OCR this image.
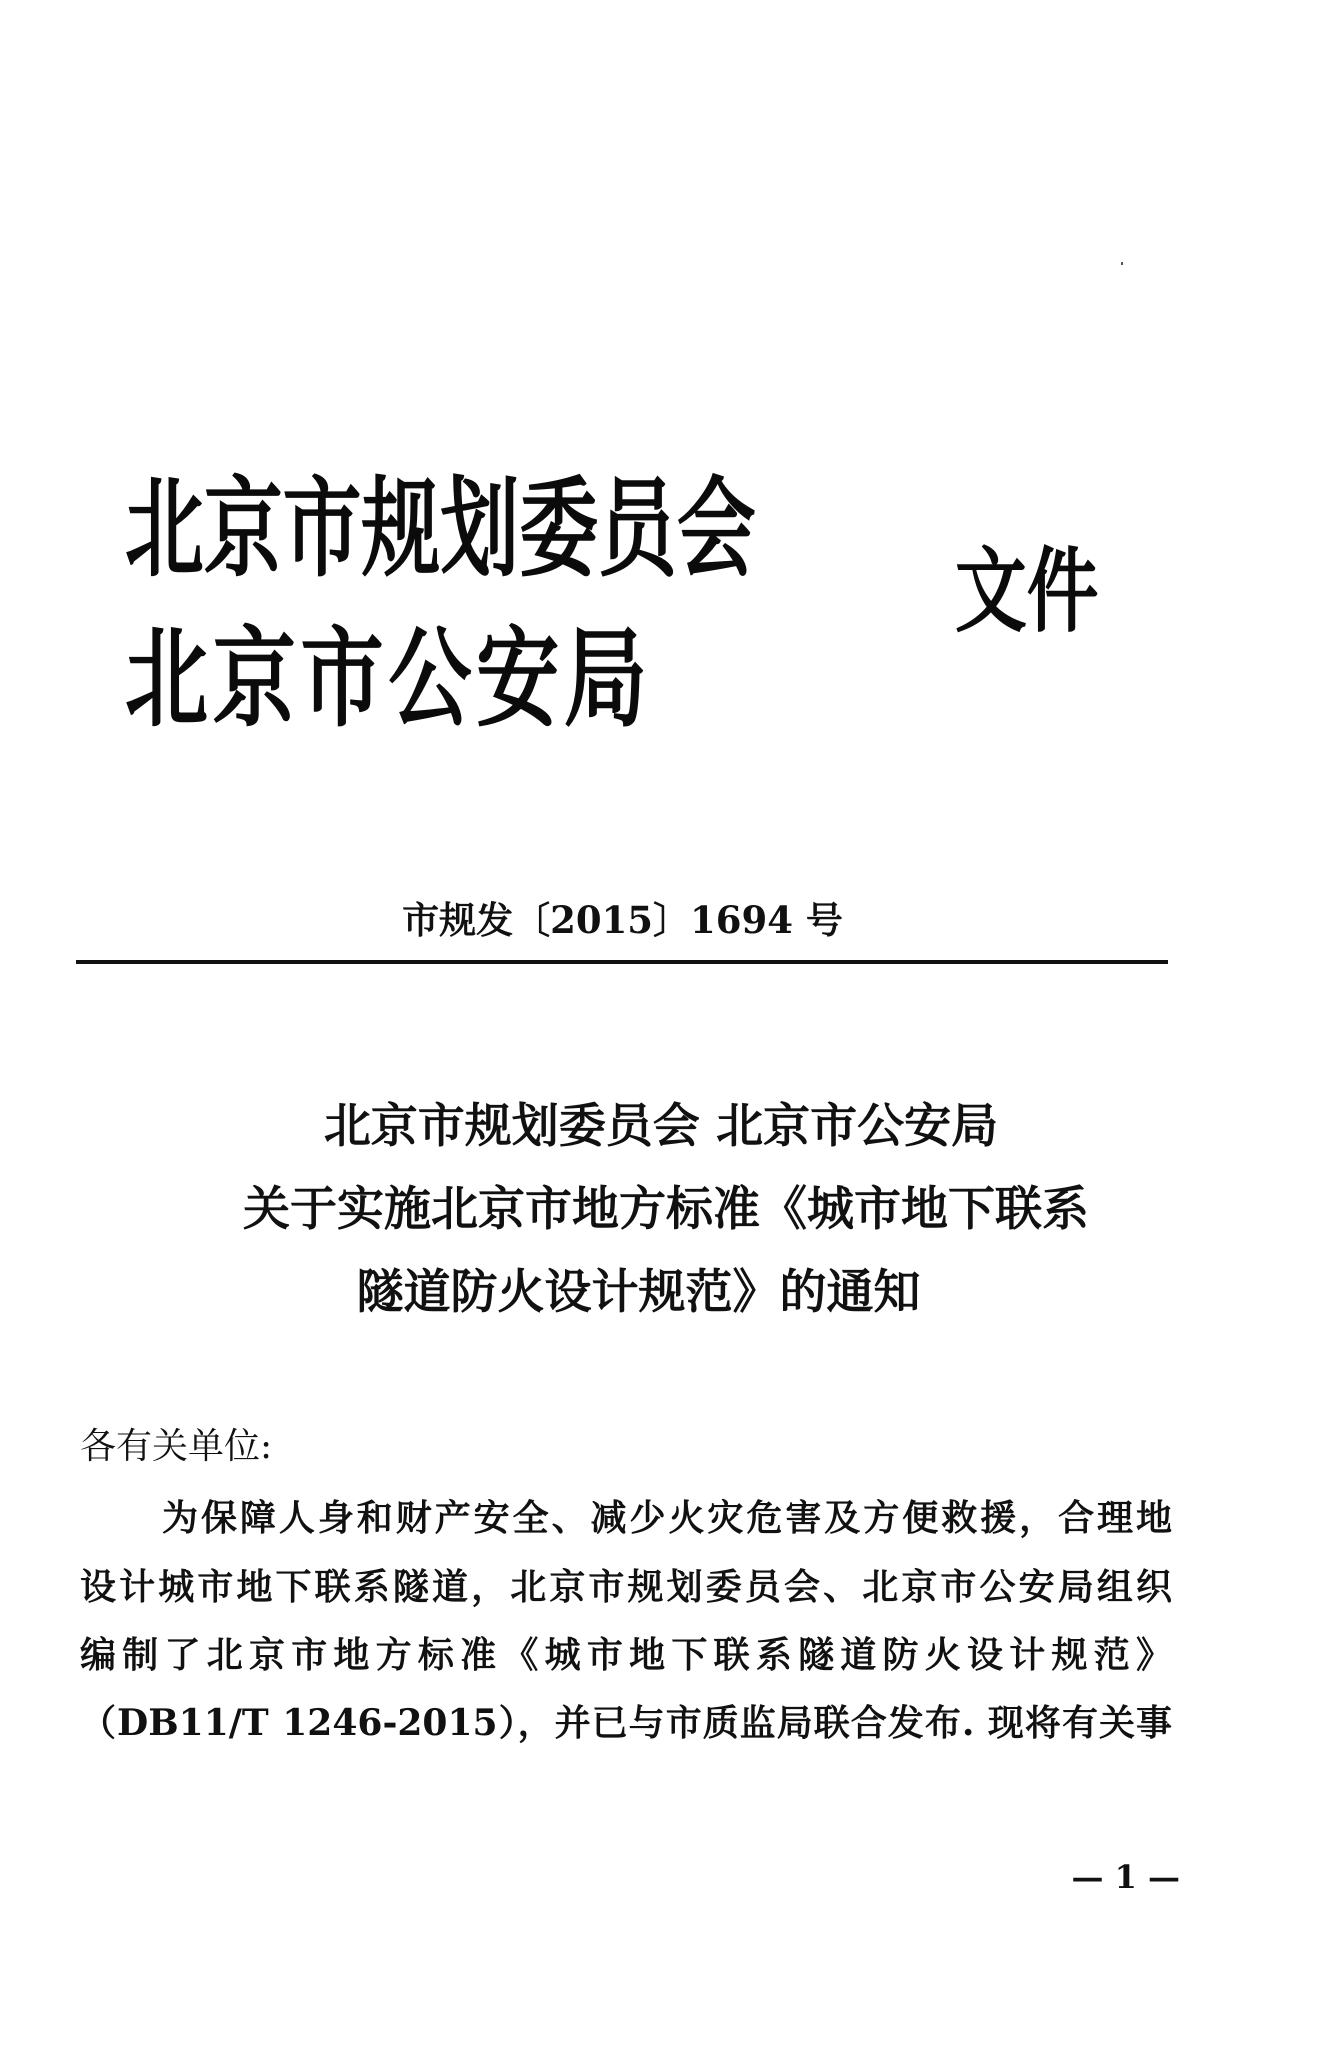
北京市规划委员会
北京市公安局
文件
市规发〔2015〕1694 号
北京市规划委员会 北京市公安局
关于实施北京市地方标准《城市地下联系
隧道防火设计规范》的通知
各有关单位:
为保障人身和财产安全、减少火灾危害及方便救援，合理地
设计城市地下联系隧道，北京市规划委员会、北京市公安局组织
编制了北京市地方标准《城市地下联系隧道防火设计规范》
（DB11/T 1246-2015），并已与市质监局联合发布. 现将有关事
— 1 —
